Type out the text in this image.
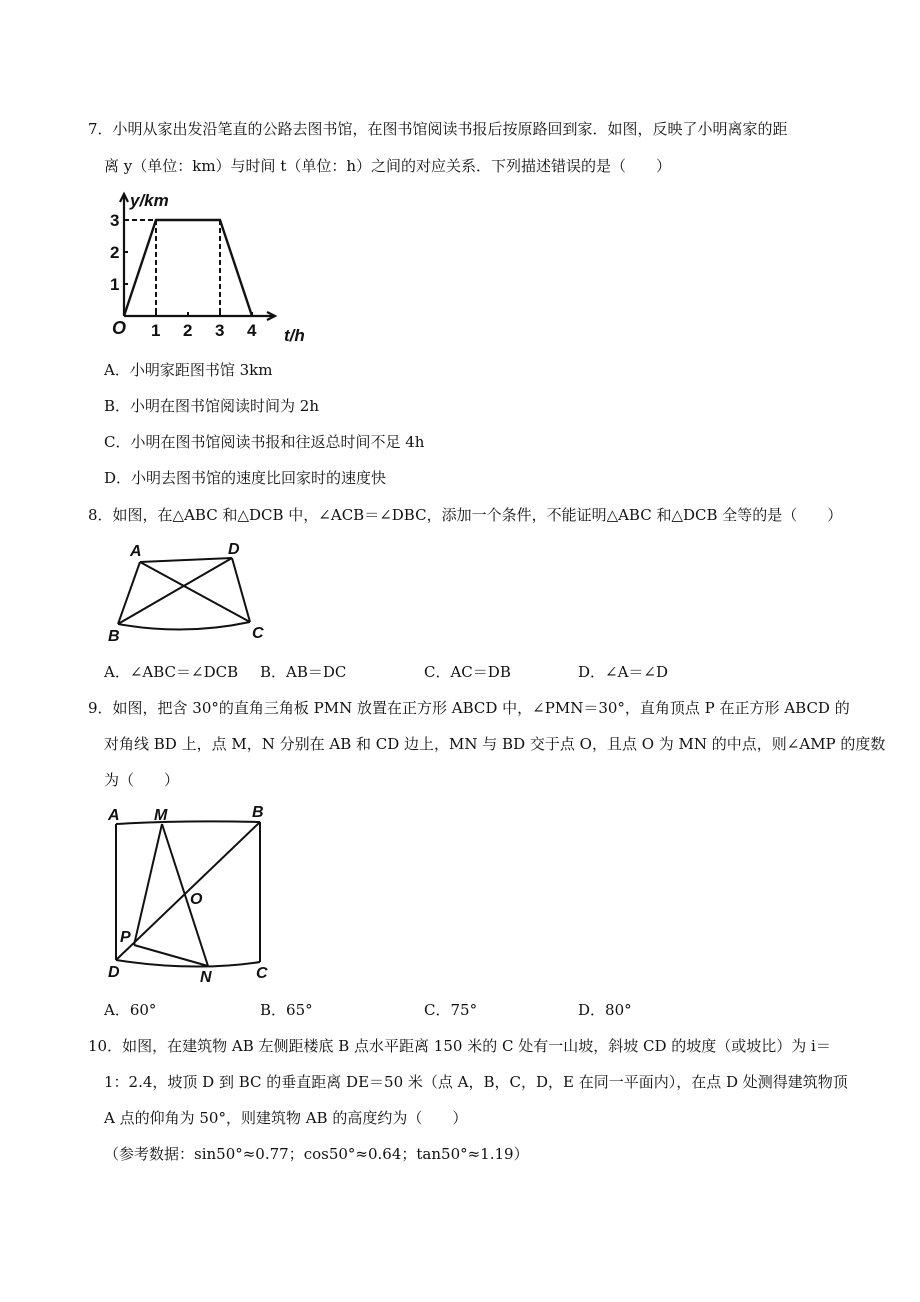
7．小明从家出发沿笔直的公路去图书馆，在图书馆阅读书报后按原路回到家．如图，反映了小明离家的距
离 y（单位：km）与时间 t（单位：h）之间的对应关系．下列描述错误的是（　　）
y/km
t/h
O
1
2
3
1 2 3 4
A．小明家距图书馆 3km
B．小明在图书馆阅读时间为 2h
C．小明在图书馆阅读书报和往返总时间不足 4h
D．小明去图书馆的速度比回家时的速度快
8．如图，在△ABC 和△DCB 中，∠ACB＝∠DBC，添加一个条件，不能证明△ABC 和△DCB 全等的是（　　）
A	D
B	C
A．∠ABC＝∠DCB B．AB＝DC	C．AC＝DB	D．∠A＝∠D
9．如图，把含 30°的直角三角板 PMN 放置在正方形 ABCD 中，∠PMN＝30°，直角顶点 P 在正方形 ABCD 的
对角线 BD 上，点 M，N 分别在 AB 和 CD 边上，MN 与 BD 交于点 O，且点 O 为 MN 的中点，则∠AMP 的度数
为（　　）
A M	B
O
P
D	N	C
A．60°	B．65°	C．75°	D．80°
10．如图，在建筑物 AB 左侧距楼底 B 点水平距离 150 米的 C 处有一山坡，斜坡 CD 的坡度（或坡比）为 i＝
1：2.4，坡顶 D 到 BC 的垂直距离 DE＝50 米（点 A，B，C，D，E 在同一平面内），在点 D 处测得建筑物顶
A 点的仰角为 50°，则建筑物 AB 的高度约为（　　）
（参考数据：sin50°≈0.77；cos50°≈0.64；tan50°≈1.19）
